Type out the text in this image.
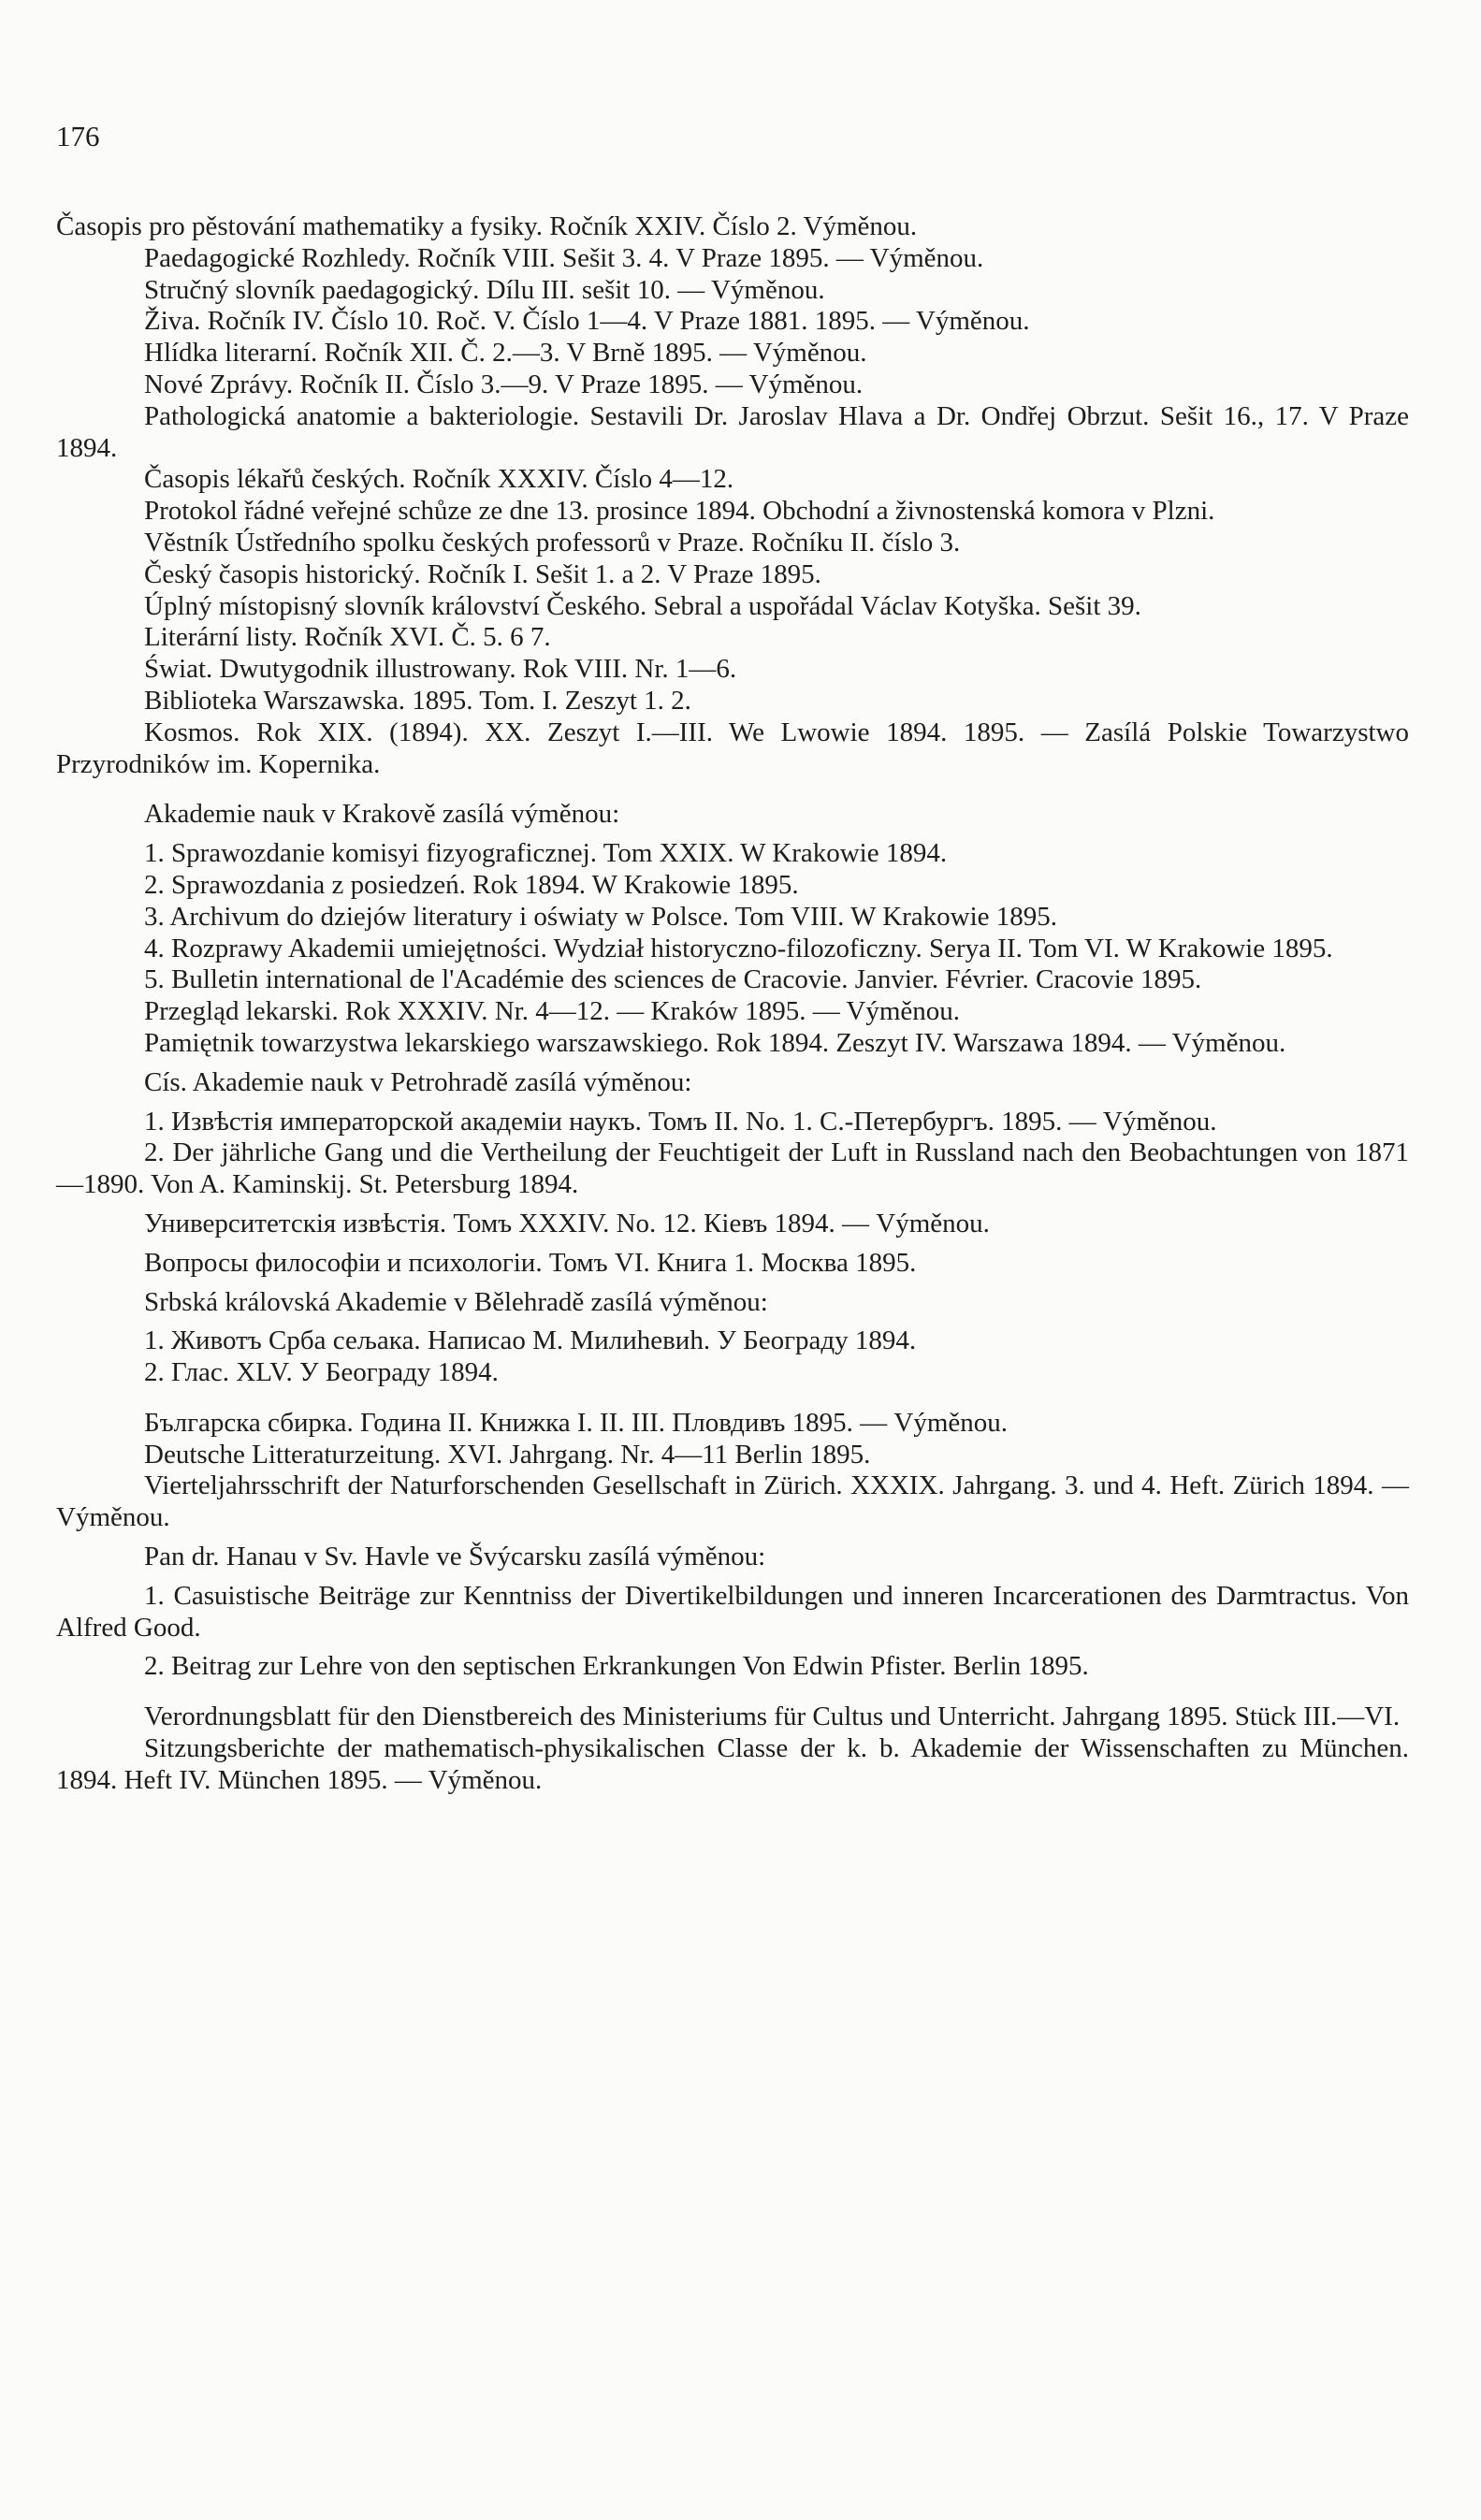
176

Časopis pro pěstování mathematiky a fysiky. Ročník XXIV. Číslo 2. Výměnou.

Paedagogické Rozhledy. Ročník VIII. Sešit 3. 4. V Praze 1895. — Výměnou.

Stručný slovník paedagogický. Dílu III. sešit 10. — Výměnou.

Živa. Ročník IV. Číslo 10. Roč. V. Číslo 1—4. V Praze 1881. 1895. — Výměnou.

Hlídka literarní. Ročník XII. Č. 2.—3. V Brně 1895. — Výměnou.

Nové Zprávy. Ročník II. Číslo 3.—9. V Praze 1895. — Výměnou.

Pathologická anatomie a bakteriologie. Sestavili Dr. Jaroslav Hlava a Dr. Ondřej Obrzut. Sešit 16., 17. V Praze 1894.

Časopis lékařů českých. Ročník XXXIV. Číslo 4—12.

Protokol řádné veřejné schůze ze dne 13. prosince 1894. Obchodní a živnostenská komora v Plzni.

Věstník Ústředního spolku českých professorů v Praze. Ročníku II. číslo 3.

Český časopis historický. Ročník I. Sešit 1. a 2. V Praze 1895.

Úplný místopisný slovník království Českého. Sebral a uspořádal Václav Kotyška. Sešit 39.

Literární listy. Ročník XVI. Č. 5. 6 7.

Świat. Dwutygodnik illustrowany. Rok VIII. Nr. 1—6.

Biblioteka Warszawska. 1895. Tom. I. Zeszyt 1. 2.

Kosmos. Rok XIX. (1894). XX. Zeszyt I.—III. We Lwowie 1894. 1895. — Zasílá Polskie Towarzystwo Przyrodników im. Kopernika.

Akademie nauk v Krakově zasílá výměnou:

1. Sprawozdanie komisyi fizyograficznej. Tom XXIX. W Krakowie 1894.

2. Sprawozdania z posiedzeń. Rok 1894. W Krakowie 1895.

3. Archivum do dziejów literatury i oświaty w Polsce. Tom VIII. W Krakowie 1895.

4. Rozprawy Akademii umiejętności. Wydział historyczno-filozoficzny. Serya II. Tom VI. W Krakowie 1895.

5. Bulletin international de l'Académie des sciences de Cracovie. Janvier. Février. Cracovie 1895.

Przegląd lekarski. Rok XXXIV. Nr. 4—12. — Kraków 1895. — Výměnou.

Pamiętnik towarzystwa lekarskiego warszawskiego. Rok 1894. Zeszyt IV. Warszawa 1894. — Výměnou.

Cís. Akademie nauk v Petrohradě zasílá výměnou:

1. Извѣстія императорской академіи наукъ. Томъ II. No. 1. С.-Петербургъ. 1895. — Výměnou.

2. Der jährliche Gang und die Vertheilung der Feuchtigeit der Luft in Russland nach den Beobachtungen von 1871—1890. Von A. Kaminskij. St. Petersburg 1894.

Университетскія извѣстія. Томъ XXXIV. No. 12. Кіевъ 1894. — Výměnou.

Вопросы философіи и психологіи. Томъ VI. Книга 1. Москва 1895.

Srbská královská Akademie v Bělehradě zasílá výměnou:

1. Животъ Срба сељака. Написао М. Милиhевиh. У Београду 1894.

2. Глас. XLV. У Београду 1894.

Българска сбирка. Година II. Книжка I. II. III. Пловдивъ 1895. — Výměnou.

Deutsche Litteraturzeitung. XVI. Jahrgang. Nr. 4—11 Berlin 1895.

Vierteljahrsschrift der Naturforschenden Gesellschaft in Zürich. XXXIX. Jahrgang. 3. und 4. Heft. Zürich 1894. — Výměnou.

Pan dr. Hanau v Sv. Havle ve Švýcarsku zasílá výměnou:

1. Casuistische Beiträge zur Kenntniss der Divertikelbildungen und inneren Incarcerationen des Darmtractus. Von Alfred Good.

2. Beitrag zur Lehre von den septischen Erkrankungen Von Edwin Pfister. Berlin 1895.

Verordnungsblatt für den Dienstbereich des Ministeriums für Cultus und Unterricht. Jahrgang 1895. Stück III.—VI.

Sitzungsberichte der mathematisch-physikalischen Classe der k. b. Akademie der Wissenschaften zu München. 1894. Heft IV. München 1895. — Výměnou.
